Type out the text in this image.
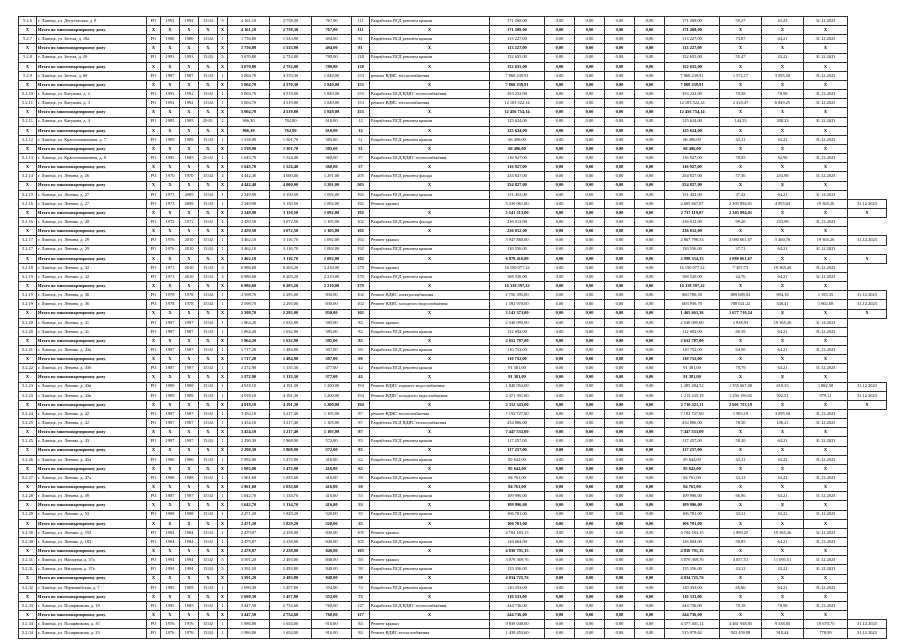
5.2.6	г. Липецк, ул. Депутатская, д. 8	РО	1992	1992	15.02	5	4 161,10	2 758,30	767,00	111	Разработка ПСД ремонта крыши	171 269,00	0,00	0,00	0,00	0,00	171 269,00	59,27	43,23	31.12.2023	
X	Итого по многоквартирному дому	X	X	X	X	X	4 161,10	2 758,30	767,00	111	X	171 269,00	0,00	0,00	0,00	0,00	171 269,00	X	X	X	
5.2.7	г. Липецк, ул. Зегеля, д. 18а	РО	1980	1980	15.02	1	1 756,80	1 533,90	494,00	81	Разработка ПСД ремонта крыши	113 227,00	0,00	0,00	0,00	0,00	113 227,00	73,87	64,21	31.12.2023	
X	Итого по многоквартирному дому	X	X	X	X	X	1 756,80	1 533,90	494,00	81	X	113 227,00	0,00	0,00	0,00	0,00	113 227,00	X	X	X	
5.2.8	г. Липецк, ул. Зегеля, д. 29	РО	1993	1993	15.02	5	3 670,80	2 752,00	780,00	128	Разработка ПСД ремонта крыши	152 655,00	0,00	0,00	0,00	0,00	152 655,00	55,47	43,22	31.12.2023	
X	Итого по многоквартирному дому	X	X	X	X	X	3 670,80	2 752,00	780,00	128	X	152 655,00	0,00	0,00	0,00	0,00	152 655,00	X	X	X	
5.2.9	г. Липецк, ул. Зегеля, д. 68	РО	1987	1987	15.02	1	5 004,70	4 370,30	1 849,00	153	ремонт ВДИС теплоснабжения	7 868 239,91	0,00	0,00	0,00	0,00	7 868 239,91	1 572,17	3 995,58	31.12.2023	
X	Итого по многоквартирному дому	X	X	X	X	X	5 004,70	4 370,30	1 849,00	153	X	7 868 239,91	0,00	0,00	0,00	0,00	7 868 239,91	X	X	X	
5.2.10	г. Липецк, ул. Катукова, д. 2	РО	1992	1992	15.02	1	5 004,70	4 519,00	1 849,00	153	Разработка ПСД ВДИС теплоснабжения	353 232,00	0,00	0,00	0,00	0,00	353 232,00	70,58	78,58	31.12.2023	
5.2.11	г. Липецк, ул. Катукова, д. 3	РО	1992	1992	15.02	1	5 004,70	4 519,80	1 849,00	153	ремонт ВДИС теплоснабжения	12 103 522,14	0,00	0,00	0,00	0,00	12 103 522,14	2 418,47	6 849,25	31.12.2023	
X	Итого по многоквартирному дому	X	X	X	X	X	5 004,70	4 519,80	1 849,00	153	X	12 456 754,14	0,00	0,00	0,00	0,00	12 456 754,14	X	X	X	
5.2.11	г. Липецк, ул. Катукова, д. 4	РО	1985	1985	29.01	2	966,30	762,80	610,00	12	Разработка ПСД ремонта крыши	125 624,00	0,00	0,00	0,00	0,00	125 624,00	144,55	208,23	31.12.2023	
X	Итого по многоквартирному дому	X	X	X	X	X	966,30	762,80	610,00	12	X	125 624,00	0,00	0,00	0,00	0,00	125 624,00	X	X	X	
5.2.12	г. Липецк, ул. Краснознаменная, д. 7	РО	1989	1989	15.02	1	1 538,90	1 301,70	585,60	31	Разработка ПСД ремонта крыши	66 496,00	0,00	0,00	0,00	0,00	66 496,00	43,21	43,22	31.12.2023	
X	Итого по многоквартирному дому	X	X	X	X	X	1 538,90	1 301,70	585,60	31	X	66 496,00	0,00	0,00	0,00	0,00	66 496,00	X	X	X	
5.2.13	г. Липецк, ул. Краснознаменная, д. 8	РО	1985	1985	25.02	1	1 645,70	1 524,40	560,00	57	Разработка ПСД ВДИС теплоснабжения	116 927,00	0,00	0,00	0,00	0,00	116 927,00	78,85	82,98	31.12.2023	
X	Итого по многоквартирному дому	X	X	X	X	X	1 645,70	1 524,40	560,00	57	X	116 927,00	0,00	0,00	0,00	0,00	116 927,00	X	X	X	
5.2.14	г. Липецк, ул. Ленина, д. 26	РО	1970	1970	15.02	4	4 442,40	4 000,00	1 291,00	205	Разработка ПСД ремонта фасада	254 827,00	0,00	0,00	0,00	0,00	254 827,00	57,36	233,98	31.12.2023	
X	Итого по многоквартирному дому	X	X	X	X	X	4 442,40	4 000,00	1 291,00	205	X	254 827,00	0,00	0,00	0,00	0,00	254 827,00	X	X	X	
5.2.15	г. Липецк, ул. Ленина, д. 27	РО	1973	2009	15.02	1	2 349,90	3 150,50	1 092,00	192	Разработка ПСД ремонта крыши	131 452,00	0,00	0,00	0,00	0,00	131 452,00	37,42	64,21	31.12.2023	
5.2.16	г. Липецк, ул. Ленина, д. 27	РО	1973	2009	15.02	1	2 349,90	3 150,50	1 092,00	192	Ремонт крыши	5 410 061,00	0,00	0,00	0,00	0,00	2 605 667,07	2 305 094,01	4 955,04	19 365,26	31.12.2023
X	Итого по многоквартирному дому	X	X	X	X	X	2 349,90	3 150,50	1 092,00	192	X	5 541 513,00	0,00	0,00	0,00	0,00	2 737 119,07	2 305 094,01	X	X	X
5.2.16	г. Липецк, ул. Ленина, д. 28	РО	1972	1972	15.02	4	2 459,50	3 072,50	1 105,00	102	Разработка ПСД ремонта фасада	236 012,00	0,00	0,00	0,00	0,00	236 012,00	99,20	233,98	31.12.2023	
X	Итого по многоквартирному дому	X	X	X	X	X	2 459,50	3 072,50	1 105,00	102	X	236 012,00	0,00	0,00	0,00	0,00	236 012,00	X	X	X	
5.2.17	г. Липецк, ул. Ленина, д. 29	РО	1976	2010	15.02	1	3 462,10	3 116,70	1 092,00	192	Ремонт крыши	5 947 860,00	0,00	0,00	0,00	0,00	2 867 798,33	3 080 061,67	5 460,76	19 365,26	31.12.2023
5.2.17	г. Липецк, ул. Ленина, д. 29	РО	1976	2010	15.02	1	3 462,10	3 116,70	1 092,00	192	Разработка ПСД ремонта крыши	130 556,00	0,00	0,00	0,00	0,00	130 556,00	37,71	64,21	31.12.2023	
X	Итого по многоквартирному дому	X	X	X	X	X	3 462,10	3 116,70	1 092,00	192	X	6 078 416,00	0,00	0,00	0,00	0,00	2 998 354,33	3 080 061,67	X	X	X
5.2.18	г. Липецк, ул. Ленина, д. 32	РО	1971	2010	15.02	3	6 986,60	6 203,20	2 210,00	279	Ремонт крыши	16 150 077,22	0,00	0,00	0,00	0,00	16 150 077,22	7 267,73	19 365,26	31.12.2023	
5.2.19	г. Липецк, ул. Ленина, д. 32	РО	1971	2010	15.02	3	6 986,60	6 203,20	2 210,00	279	Разработка ПСД ремонта крыши	168 520,00	0,00	0,00	0,00	0,00	168 520,00	24,76	64,21	31.12.2023	
X	Итого по многоквартирному дому	X	X	X	X	X	6 986,60	6 203,20	2 210,00	279	X	16 318 597,22	0,00	0,00	0,00	0,00	16 318 597,22	X	X	X	
5.2.19	г. Липецк, ул. Ленина, д. 36	РО	1978	1978	15.02	1	2 598,70	2 295,00	830,00	102	Ремонт ВДИС электроснабжения	1 750 395,00	0,00	0,00	0,00	0,00	860 706,58	889 689,02	694,18	1 195,35	31.12.2023
5.2.19	г. Липецк, ул. Ленина, д. 36	РО	1978	1978	15.02	1	2 598,70	2 295,00	830,00	102	Ремонт ВДИС холодного водоснабжения	1 392 978,00	0,00	0,00	0,00	0,00	603 956,78	788 021,22	548,41	1 002,68	31.12.2023
X	Итого по многоквартирному дому	X	X	X	X	X	2 598,70	2 295,00	830,00	102	X	3 143 373,00	0,00	0,00	0,00	0,00	1 465 663,36	1 677 710,24	X	X	X
5.2.20	г. Липецк, ул. Ленина, д. 41	РО	1987	1987	15.02	1	1 864,20	1 632,90	585,00	82	Ремонт крыши	2 540 095,00	0,00	0,00	0,00	0,00	2 540 095,00	1 838,93	19 365,26	31.12.2023	
5.2.20	г. Липецк, ул. Ленина, д. 41	РО	1987	1987	15.02	1	1 864,20	1 632,90	585,00	82	Разработка ПСД ремонта крыши	112 692,00	0,00	0,00	0,00	0,00	112 692,00	60,39	64,21	31.12.2023	
X	Итого по многоквартирному дому	X	X	X	X	X	1 864,20	1 632,90	585,00	82	X	2 652 787,00	0,00	0,00	0,00	0,00	2 652 787,00	X	X	X	
5.2.21	г. Липецк, ул. Ленина, д. 43а	РО	1987	1987	15.02	1	1 717,20	1 484,80	507,00	69	Разработка ПСД ремонта крыши	110 752,00	0,00	0,00	0,00	0,00	110 752,00	64,50	64,21	31.12.2023	
X	Итого по многоквартирному дому	X	X	X	X	X	1 717,20	1 484,80	507,00	69	X	110 752,00	0,00	0,00	0,00	0,00	110 752,00	X	X	X	
5.2.22	г. Липецк, ул. Ленина, д. 43б	РО	1987	1987	15.02	1	1 272,90	1 135,30	377,00	42	Разработка ПСД ремонта крыши	91 381,00	0,00	0,00	0,00	0,00	91 381,00	79,79	64,21	31.12.2023	
X	Итого по многоквартирному дому	X	X	X	X	X	1 272,90	1 135,30	377,00	42	X	91 381,00	0,00	0,00	0,00	0,00	91 381,00	X	X	X	
5.2.23	г. Липецк, ул. Ленина, д. 43в	РО	1989	1989	15.02	1	4 918,10	4 191,30	1 200,00	194	Ремонт ВДИС горячего водоснабжения	1 840 952,00	0,00	0,00	0,00	0,00	1 495 284,52	1 355 667,00	618,33	1 882,58	31.12.2023
5.2.23	г. Липецк, ул. Ленина, д. 43в	РО	1989	1989	15.02	1	4 918,10	4 191,30	1 200,00	194	Ремонт ВДИС холодного водоснабжения	2 471 391,00	0,00	0,00	0,00	0,00	1 215 235,19	1 256 156,02	502,51	979,11	31.12.2023
X	Итого по многоквартирному дому	X	X	X	X	X	4 918,10	4 191,30	1 200,00	194	X	5 312 343,00	0,00	0,00	0,00	0,00	2 710 521,11	2 601 753,19	X	X	X
5.2.24	г. Липецк, ул. Ленина, д. 42	РО	1987	1987	15.02	1	3 454,10	3 217,40	1 105,00	87	ремонт ВДИС теплоснабжения	7 192 727,00	0,00	0,00	0,00	0,00	7 192 727,00	1 983,19	3 995,58	31.12.2023	
5.2.25	г. Липецк, ул. Ленина, д. 42	РО	1987	1987	15.02	1	3 454,10	3 217,40	1 105,00	87	Разработка ПСД ВДИС теплоснабжения	254 806,00	0,00	0,00	0,00	0,00	254 806,00	78,50	100,21	31.12.2023	
X	Итого по многоквартирному дому	X	X	X	X	X	3 454,10	3 217,40	1 105,00	87	X	7 447 533,00	0,00	0,00	0,00	0,00	7 447 533,00	X	X	X	
5.2.25	г. Липецк, ул. Ленина, д. 43	РО	1987	1987	15.02	1	2 290,30	1 868,90	572,00	83	Разработка ПСД ремонта крыши	117 257,00	0,00	0,00	0,00	0,00	117 257,00	58,20	64,21	31.12.2023	
X	Итого по многоквартирному дому	X	X	X	X	X	2 290,30	1 868,90	572,00	83	X	117 257,00	0,00	0,00	0,00	0,00	117 257,00	X	X	X	
5.2.26	г. Липецк, ул. Ленина, д. 45а	РО	1986	1986	15.02	1	1 992,00	1 472,00	416,00	62	Разработка ПСД ремонта крыши	85 642,00	0,00	0,00	0,00	0,00	85 642,00	43,21	43,23	31.12.2023	
X	Итого по многоквартирному дому	X	X	X	X	X	1 992,00	1 472,00	416,00	62	X	85 642,00	0,00	0,00	0,00	0,00	85 642,00	X	X	X	
5.2.27	г. Липецк, ул. Ленина, д. 47а	РО	1988	1988	15.02	1	1 961,60	1 035,60	416,00	58	Разработка ПСД ремонта крыши	84 761,00	0,00	0,00	0,00	0,00	84 761,00	43,21	43,22	31.12.2023	
X	Итого по многоквартирному дому	X	X	X	X	X	1 961,60	1 035,60	416,00	58	X	84 761,00	0,00	0,00	0,00	0,00	84 761,00	X	X	X	
5.2.28	г. Липецк, ул. Ленина, д. 49	РО	1987	1987	15.02	1	1 642,70	1 134,70	416,00	53	Разработка ПСД ремонта крыши	109 996,00	0,00	0,00	0,00	0,00	109 996,00	66,96	64,21	31.12.2023	
X	Итого по многоквартирному дому	X	X	X	X	X	1 642,70	1 134,70	416,00	53	X	109 996,00	0,00	0,00	0,00	0,00	109 996,00	X	X	X	
5.2.29	г. Липецк, ул. Ленина, д. 53	РО	1998	1998	15.02	1	2 471,20	1 829,20	520,00	35	Разработка ПСД ремонта крыши	106 781,00	0,00	0,00	0,00	0,00	106 781,00	43,21	43,22	31.12.2023	
X	Итого по многоквартирному дому	X	X	X	X	X	2 471,20	1 829,20	520,00	35	X	106 781,00	0,00	0,00	0,00	0,00	106 781,00	X	X	X	
5.2.30	г. Липецк, ул. Ленина, д. 102	РО	1984	1984	15.02	1	2 479,87	2 258,00	840,00	105	Ремонт крыши	4 704 183,15	0,00	0,00	0,00	0,00	4 704 183,15	1 899,25	19 365,26	31.12.2023	
5.2.30	г. Липецк, ул. Ленина, д. 102	РО	1984	1984	15.02	1	2 479,87	2 258,00	840,00	105	Разработка ПСД ремонта крыши	126 604,00	0,00	0,00	0,00	0,00	126 604,00	50,85	64,21	31.12.2023	
X	Итого по многоквартирному дому	X	X	X	X	X	2 479,87	2 258,00	840,00	105	X	4 830 791,15	0,00	0,00	0,00	0,00	4 830 791,15	X	X	X	
5.2.31	г. Липецк, ул. Нагорная, д. 37а	РО	1994	1994	15.02	5	3 591,20	2 493,80	848,00	58	Ремонт крыши	3 879 369,76	0,00	0,00	0,00	0,00	3 879 369,76	4 857,51	11 095,51	31.12.2023	
5.2.31	г. Липецк, ул. Нагорная, д. 37а	РО	1994	1994	15.02	5	3 591,20	2 493,80	848,00	58	Разработка ПСД ремонта крыши	155 356,00	0,00	0,00	0,00	0,00	155 356,00	43,21	43,22	31.12.2023	
X	Итого по многоквартирному дому	X	X	X	X	X	3 591,20	2 493,80	848,00	58	X	4 034 725,76	0,00	0,00	0,00	0,00	4 034 725,76	X	X	X	
5.2.32	г. Липецк, ул. Первомайская, д. 7	РО	1985	1985	15.02	1	1 690,30	1 457,80	552,00	73	Разработка ПСД ремонта крыши	110 333,00	0,00	0,00	0,00	0,00	110 333,00	65,66	64,21	31.12.2023	
X	Итого по многоквартирному дому	X	X	X	X	X	1 690,30	1 457,80	552,00	73	X	110 333,00	0,00	0,00	0,00	0,00	110 333,00	X	X	X	
5.2.33	г. Липецк, ул. Полярникова, д. 18	РО	1985	1985	15.02	1	3 447,50	2 754,60	760,00	127	Разработка ПСД ВДИС теплоснабжения	244 736,00	0,00	0,00	0,00	0,00	244 736,00	70,18	78,58	31.12.2023	
X	Итого по многоквартирному дому	X	X	X	X	X	3 447,50	2 754,60	760,00	127	X	244 736,00	0,00	0,00	0,00	0,00	244 736,00	X	X	X	
5.2.34	г. Липецк, ул. Полярникова, д. 35	РО	1976	1976	15.02	1	1 986,80	1 654,00	916,00	84	Ремонт крыши	9 839 040,00	0,00	0,00	0,00	0,00	4 377 401,12	4 461 938,85	9 538,05	19 670,75	31.12.2023
5.2.34	г. Липецк, ул. Полярникова, д. 35	РО	1976	1976	15.02	1	1 986,80	1 654,00	916,00	84	Ремонт ВДИС теплоснабжения	1 439 453,60	0,00	0,00	0,00	0,00	515 979,62	923 459,98	918,44	778,99	31.12.2023
